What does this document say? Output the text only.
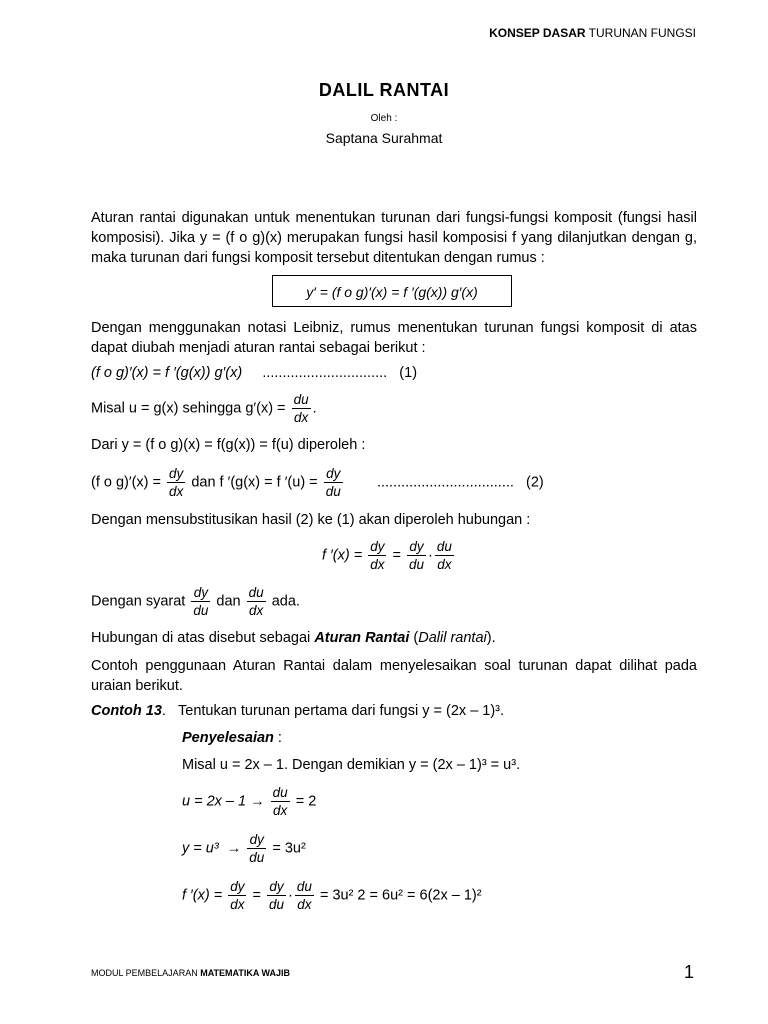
KONSEP DASAR TURUNAN FUNGSI
DALIL RANTAI
Oleh :
Saptana Surahmat
Aturan rantai digunakan untuk menentukan turunan dari fungsi-fungsi komposit (fungsi hasil komposisi). Jika y = (f o g)(x) merupakan fungsi hasil komposisi f yang dilanjutkan dengan g, maka turunan dari fungsi komposit tersebut ditentukan dengan rumus :
y′ = (f o g)′(x) = f ′(g(x)) g′(x)
Dengan menggunakan notasi Leibniz, rumus menentukan turunan fungsi komposit di atas dapat diubah menjadi aturan rantai sebagai berikut :
(f o g)′(x) = f ′(g(x)) g′(x) ............................... (1)
Misal u = g(x) sehingga $g'(x) = \frac{du}{dx}$ .
Dari y = (f o g)(x) = f(g(x)) = f(u) diperoleh :
(f o $g)'(x) = \frac{dy}{dx}$ dan f ′(g(x) = f $'(u) = \frac{dy}{du}$ .................................. (2)
Dengan mensubstitusikan hasil (2) ke (1) akan diperoleh hubungan :
f $'(x) = \frac{dy}{dx} = \frac{dy}{du} \cdot \frac{du}{dx}$
Dengan syarat $\frac{dy}{du}$ dan $\frac{du}{dx}$ ada.
Hubungan di atas disebut sebagai Aturan Rantai (Dalil rantai).
Contoh penggunaan Aturan Rantai dalam menyelesaikan soal turunan dapat dilihat pada uraian berikut.
Contoh 13.   Tentukan turunan pertama dari fungsi y = (2x – 1)³.
Penyelesaian :
Misal u = 2x – 1. Dengan demikian y = (2x – 1)³ = u³.
$u = 2x - 1 \to \frac{du}{dx} = 2$
$y = u^3 \to \frac{dy}{du} = 3u^2$
f $'(x) = \frac{dy}{dx} = \frac{dy}{du} \cdot \frac{du}{dx} = 3u^2$ 2 = 6u² = 6(2x – 1)²
MODUL PEMBELAJARAN MATEMATIKA WAJIB	1
